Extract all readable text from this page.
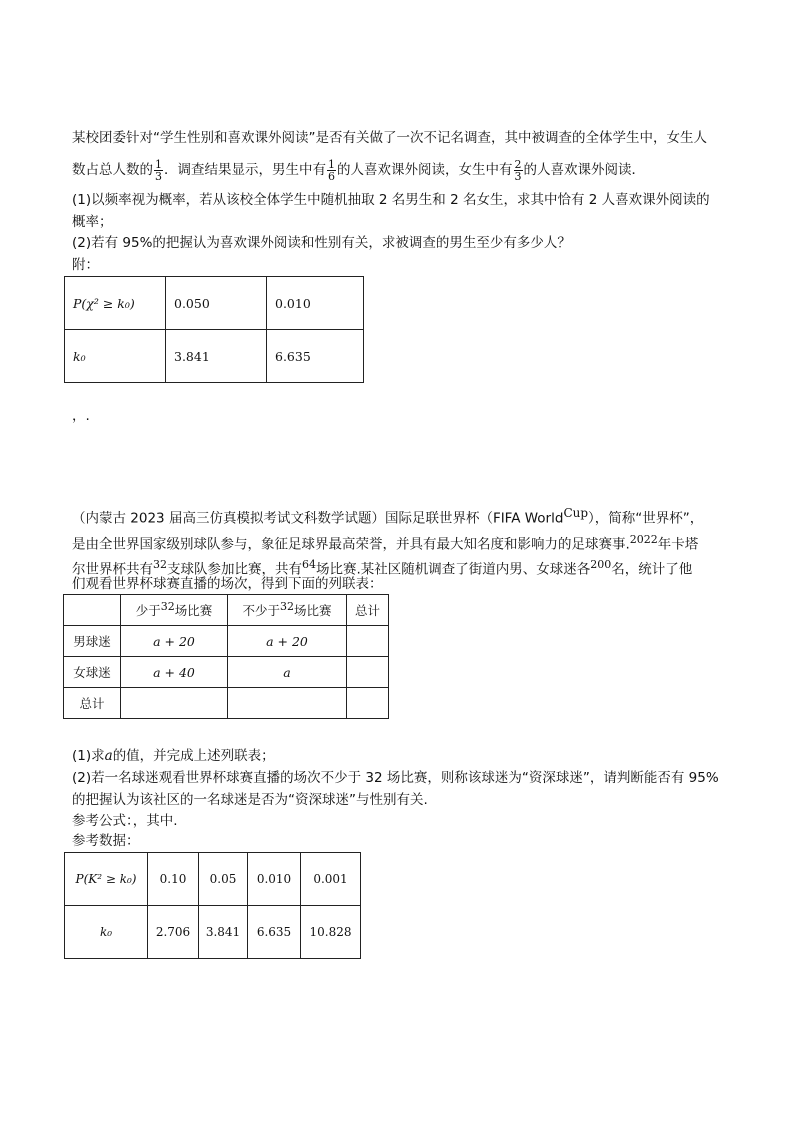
某校团委针对“学生性别和喜欢课外阅读”是否有关做了一次不记名调查，其中被调查的全体学生中，女生人
数占总人数的 $\frac{1}{3}$ ．调查结果显示，男生中有 $\frac{1}{6}$ 的人喜欢课外阅读，女生中有 $\frac{2}{3}$ 的人喜欢课外阅读．
(1)以频率视为概率，若从该校全体学生中随机抽取 2 名男生和 2 名女生，求其中恰有 2 人喜欢课外阅读的
概率；
(2)若有 95%的把握认为喜欢课外阅读和性别有关，求被调查的男生至少有多少人？
附：
P(χ² ≥ k₀)	0.050	0.010
k₀	3.841	6.635
，.
（内蒙古 2023 届高三仿真模拟考试文科数学试题）国际足联世界杯（FIFA WorldCup），简称“世界杯”，
是由全世界国家级别球队参与，象征足球界最高荣誉，并具有最大知名度和影响力的足球赛事.$^{2022}$年卡塔
尔世界杯共有$^{32}$支球队参加比赛，共有$^{64}$场比赛.某社区随机调查了街道内男、女球迷各$^{200}$名，统计了他
们观看世界杯球赛直播的场次，得到下面的列联表：
	少于32场比赛	不少于32场比赛	总计
男球迷	a + 20	a + 20	
女球迷	a + 40	a	
总计			
(1)求a的值，并完成上述列联表；
(2)若一名球迷观看世界杯球赛直播的场次不少于 32 场比赛，则称该球迷为“资深球迷”，请判断能否有 95%
的把握认为该社区的一名球迷是否为“资深球迷”与性别有关.
参考公式：，其中.
参考数据：
P(K² ≥ k₀)	0.10	0.05	0.010	0.001
k₀	2.706	3.841	6.635	10.828
